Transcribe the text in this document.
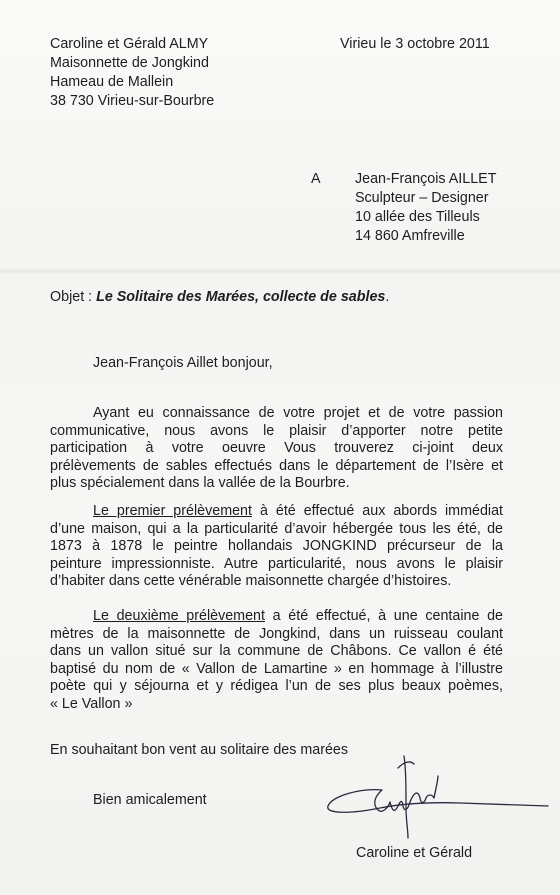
Caroline et Gérald ALMY
Maisonnette de Jongkind
Hameau de Mallein
38 730 Virieu-sur-Bourbre
Virieu le 3 octobre 2011
A Jean-François AILLET
Sculpteur – Designer
10 allée des Tilleuls
14 860 Amfreville
Objet : Le Solitaire des Marées, collecte de sables.
Jean-François Aillet bonjour,
Ayant eu connaissance de votre projet et de votre passion
communicative, nous avons le plaisir d’apporter notre petite
participation à votre oeuvre Vous trouverez ci-joint deux
prélèvements de sables effectués dans le département de l’Isère et
plus spécialement dans la vallée de la Bourbre.
Le premier prélèvement à été effectué aux abords immédiat
d’une maison, qui a la particularité d’avoir hébergée tous les été, de
1873 à 1878 le peintre hollandais JONGKIND précurseur de la
peinture impressionniste. Autre particularité, nous avons le plaisir
d’habiter dans cette vénérable maisonnette chargée d’histoires.
Le deuxième prélèvement a été effectué, à une centaine de
mètres de la maisonnette de Jongkind, dans un ruisseau coulant
dans un vallon situé sur la commune de Châbons. Ce vallon é été
baptisé du nom de « Vallon de Lamartine » en hommage à l’illustre
poète qui y séjourna et y rédigea l’un de ses plus beaux poèmes,
« Le Vallon »
En souhaitant bon vent au solitaire des marées
Bien amicalement
Caroline et Gérald
